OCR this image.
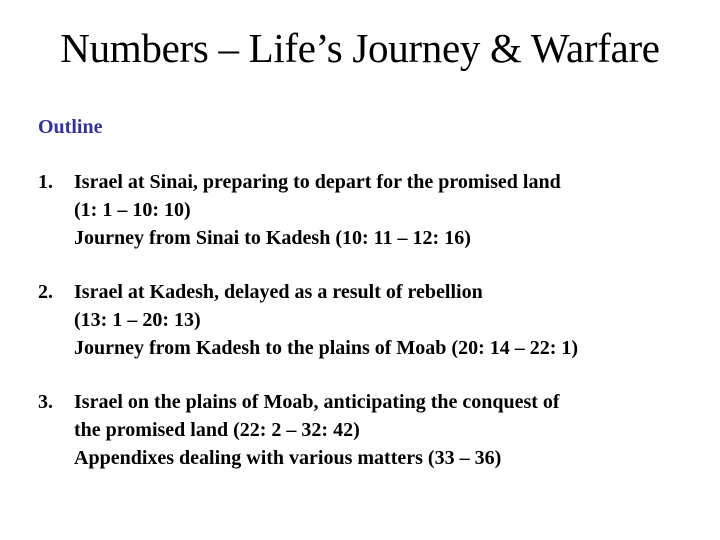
Numbers – Life’s Journey & Warfare
Outline
1. Israel at Sinai, preparing to depart for the promised land
(1: 1 – 10: 10)
Journey from Sinai to Kadesh (10: 11 – 12: 16)
2. Israel at Kadesh, delayed as a result of rebellion
(13: 1 – 20: 13)
Journey from Kadesh to the plains of Moab (20: 14 – 22: 1)
3. Israel on the plains of Moab, anticipating the conquest of
the promised land (22: 2 – 32: 42)
Appendixes dealing with various matters (33 – 36)
